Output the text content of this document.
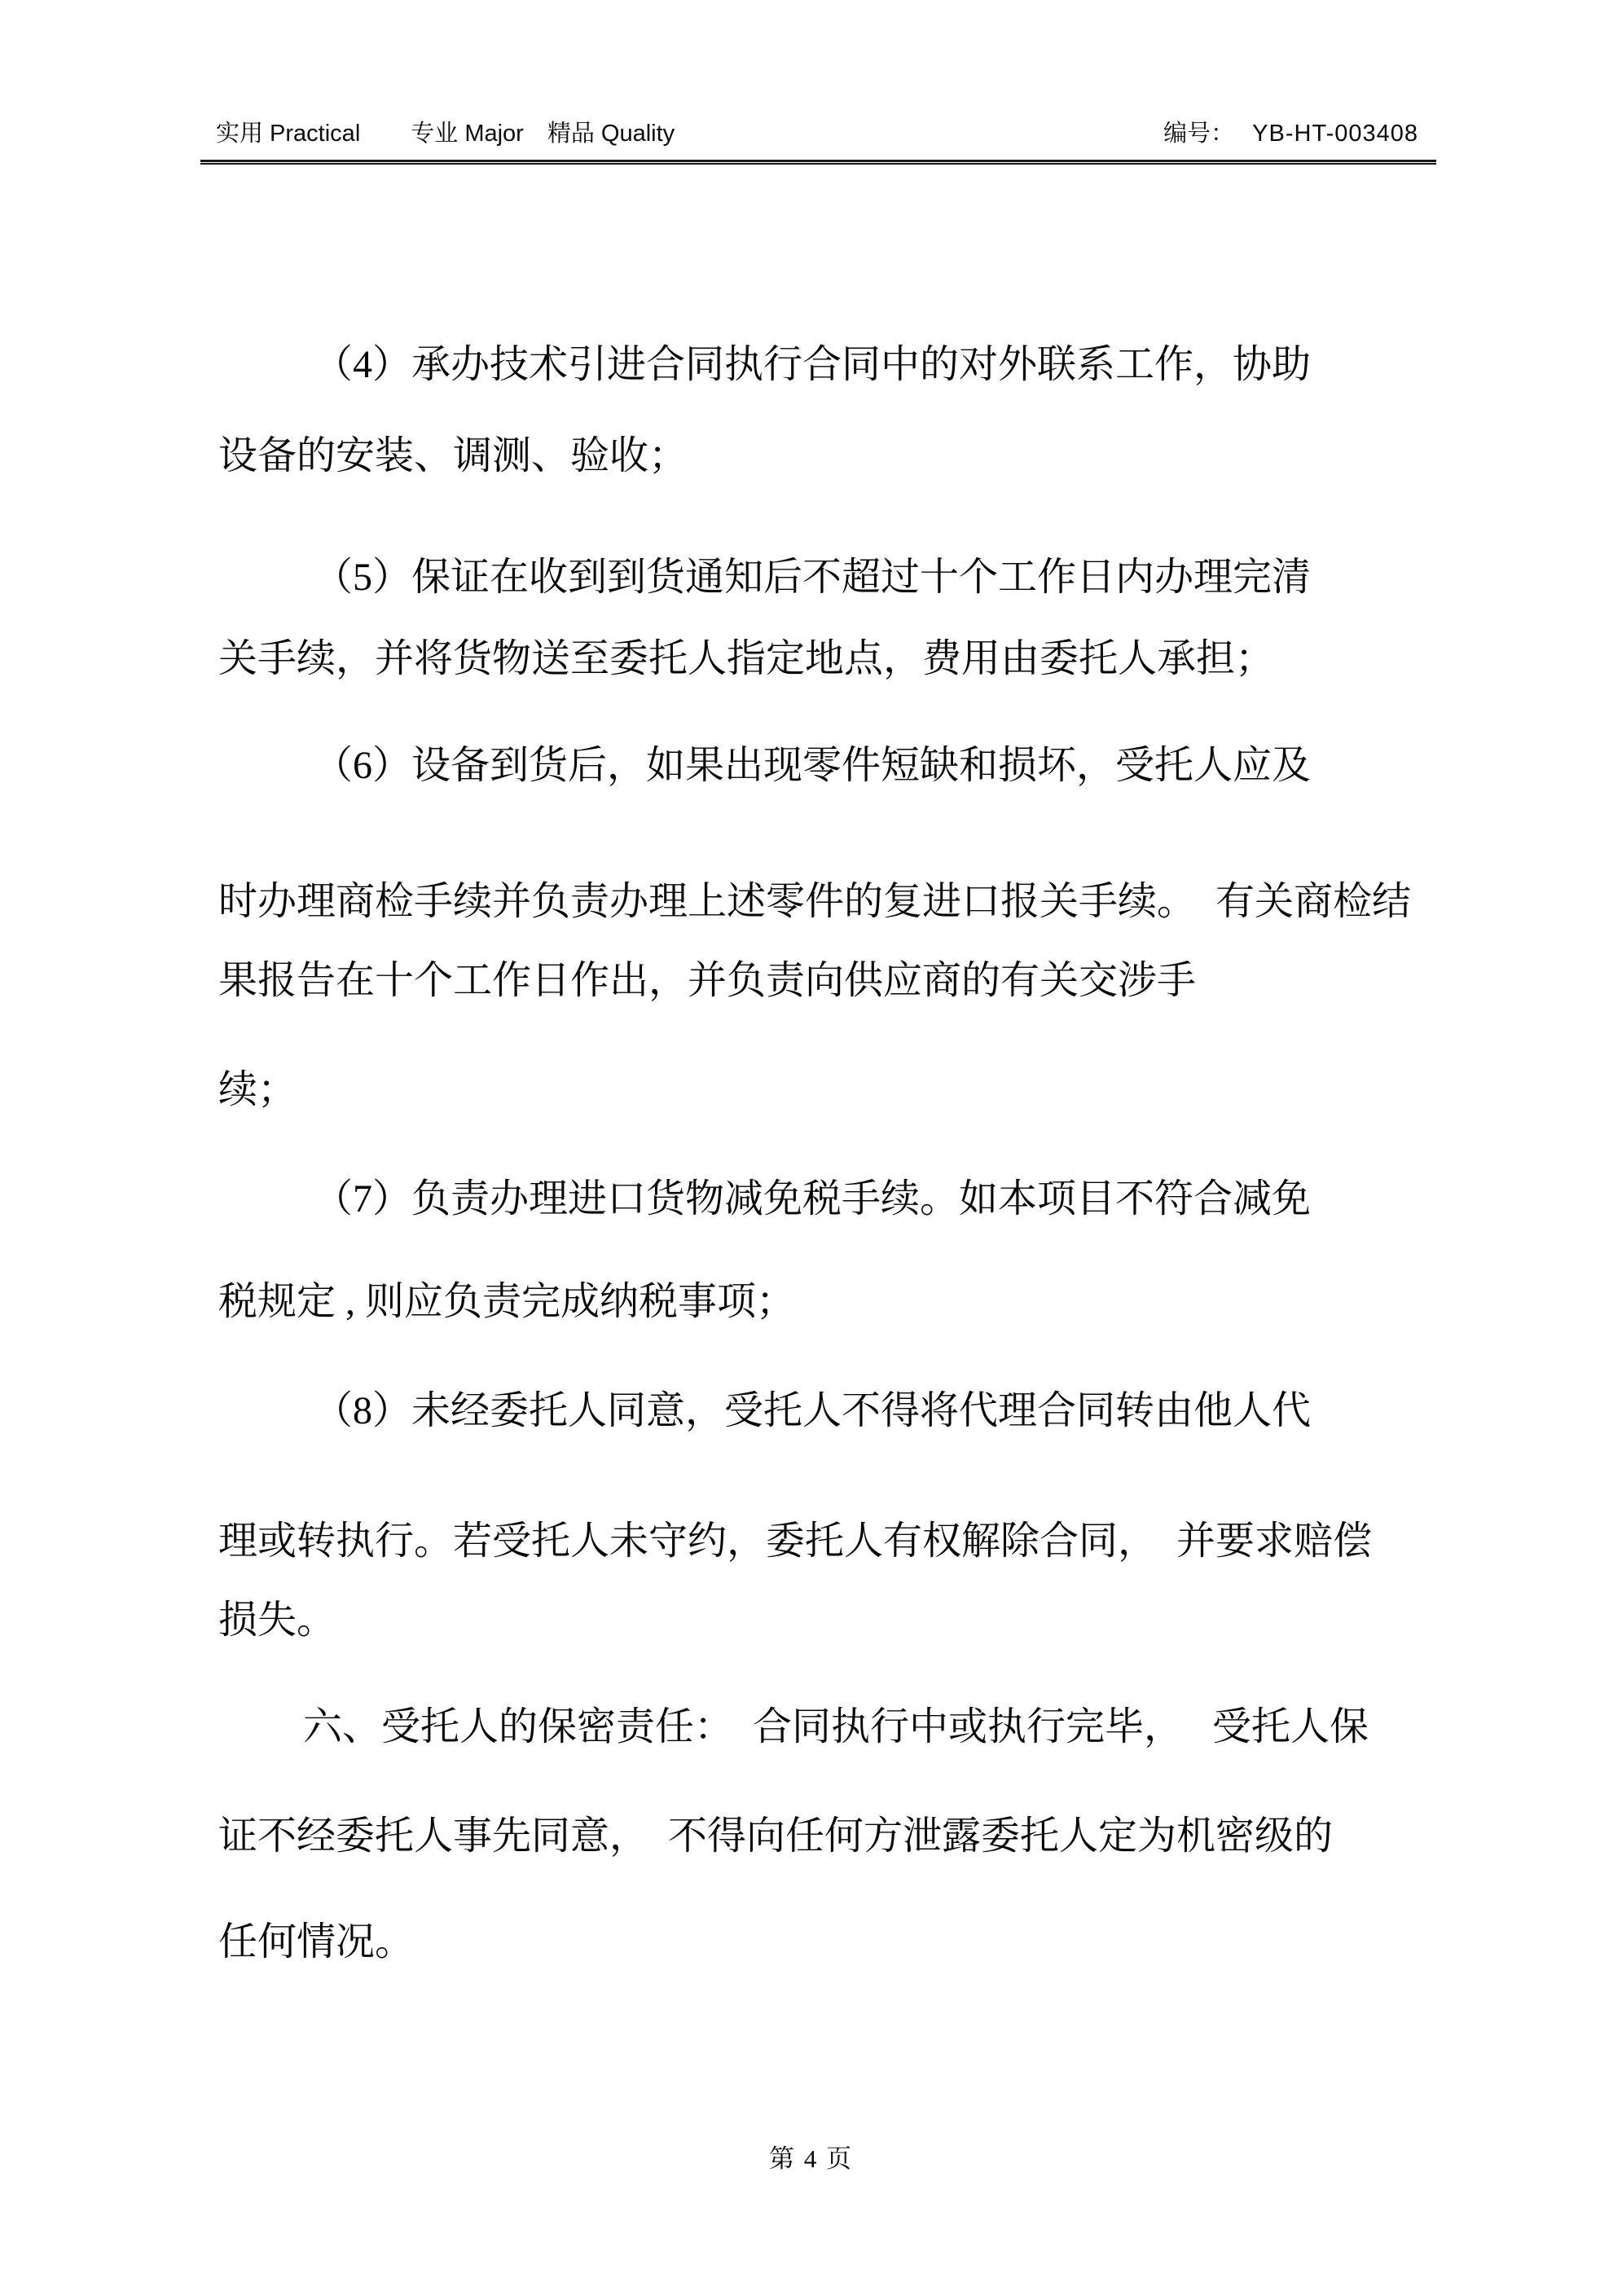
实用 Practical 专业 Major 精品 Quality	编号： YB-HT-003408
（4）承办技术引进合同执行合同中的对外联系工作，协助
设备的安装、调测、验收；
（5）保证在收到到货通知后不超过十个工作日内办理完清
关手续，并将货物送至委托人指定地点，费用由委托人承担；
（6）设备到货后，如果出现零件短缺和损坏，受托人应及
时办理商检手续并负责办理上述零件的复进口报关手续。　有关商检结
果报告在十个工作日作出，并负责向供应商的有关交涉手
续；
（7）负责办理进口货物减免税手续。如本项目不符合减免
税规定 , 则应负责完成纳税事项；
（8）未经委托人同意，受托人不得将代理合同转由他人代
理或转执行。若受托人未守约，委托人有权解除合同，　并要求赔偿
损失。
六、受托人的保密责任：　合同执行中或执行完毕，　 受托人保
证不经委托人事先同意，　不得向任何方泄露委托人定为机密级的
任何情况。
第 4 页
